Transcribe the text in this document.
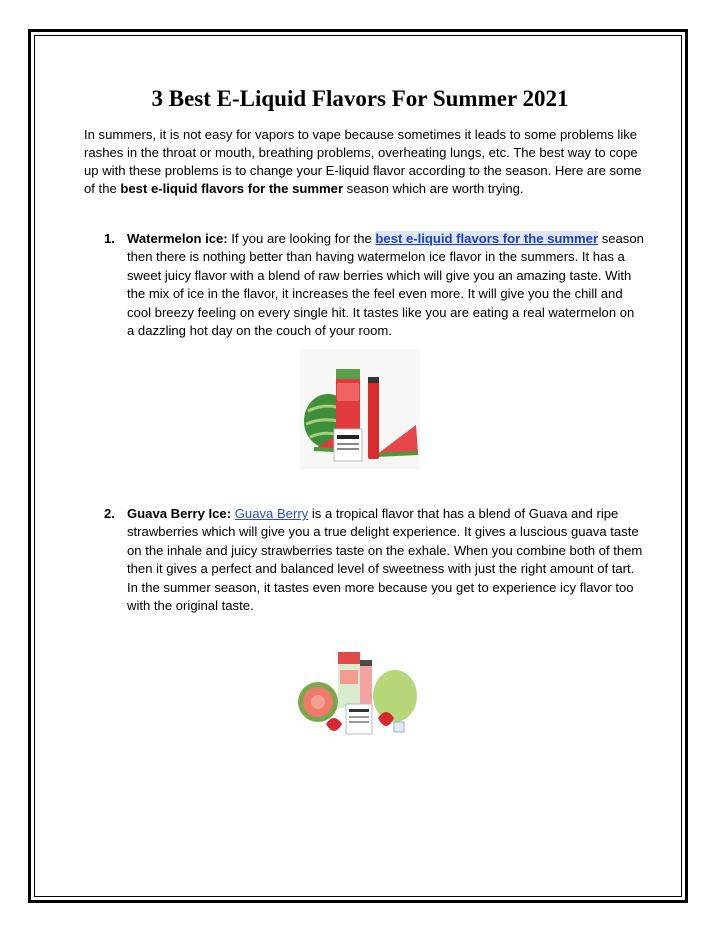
3 Best E-Liquid Flavors For Summer 2021

In summers, it is not easy for vapors to vape because sometimes it leads to some problems like rashes in the throat or mouth, breathing problems, overheating lungs, etc. The best way to cope up with these problems is to change your E-liquid flavor according to the season. Here are some of the best e-liquid flavors for the summer season which are worth trying.

1. Watermelon ice: If you are looking for the best e-liquid flavors for the summer season then there is nothing better than having watermelon ice flavor in the summers. It has a sweet juicy flavor with a blend of raw berries which will give you an amazing taste. With the mix of ice in the flavor, it increases the feel even more. It will give you the chill and cool breezy feeling on every single hit. It tastes like you are eating a real watermelon on a dazzling hot day on the couch of your room.
2. Guava Berry Ice: Guava Berry is a tropical flavor that has a blend of Guava and ripe strawberries which will give you a true delight experience. It gives a luscious guava taste on the inhale and juicy strawberries taste on the exhale. When you combine both of them then it gives a perfect and balanced level of sweetness with just the right amount of tart. In the summer season, it tastes even more because you get to experience icy flavor too with the original taste.
